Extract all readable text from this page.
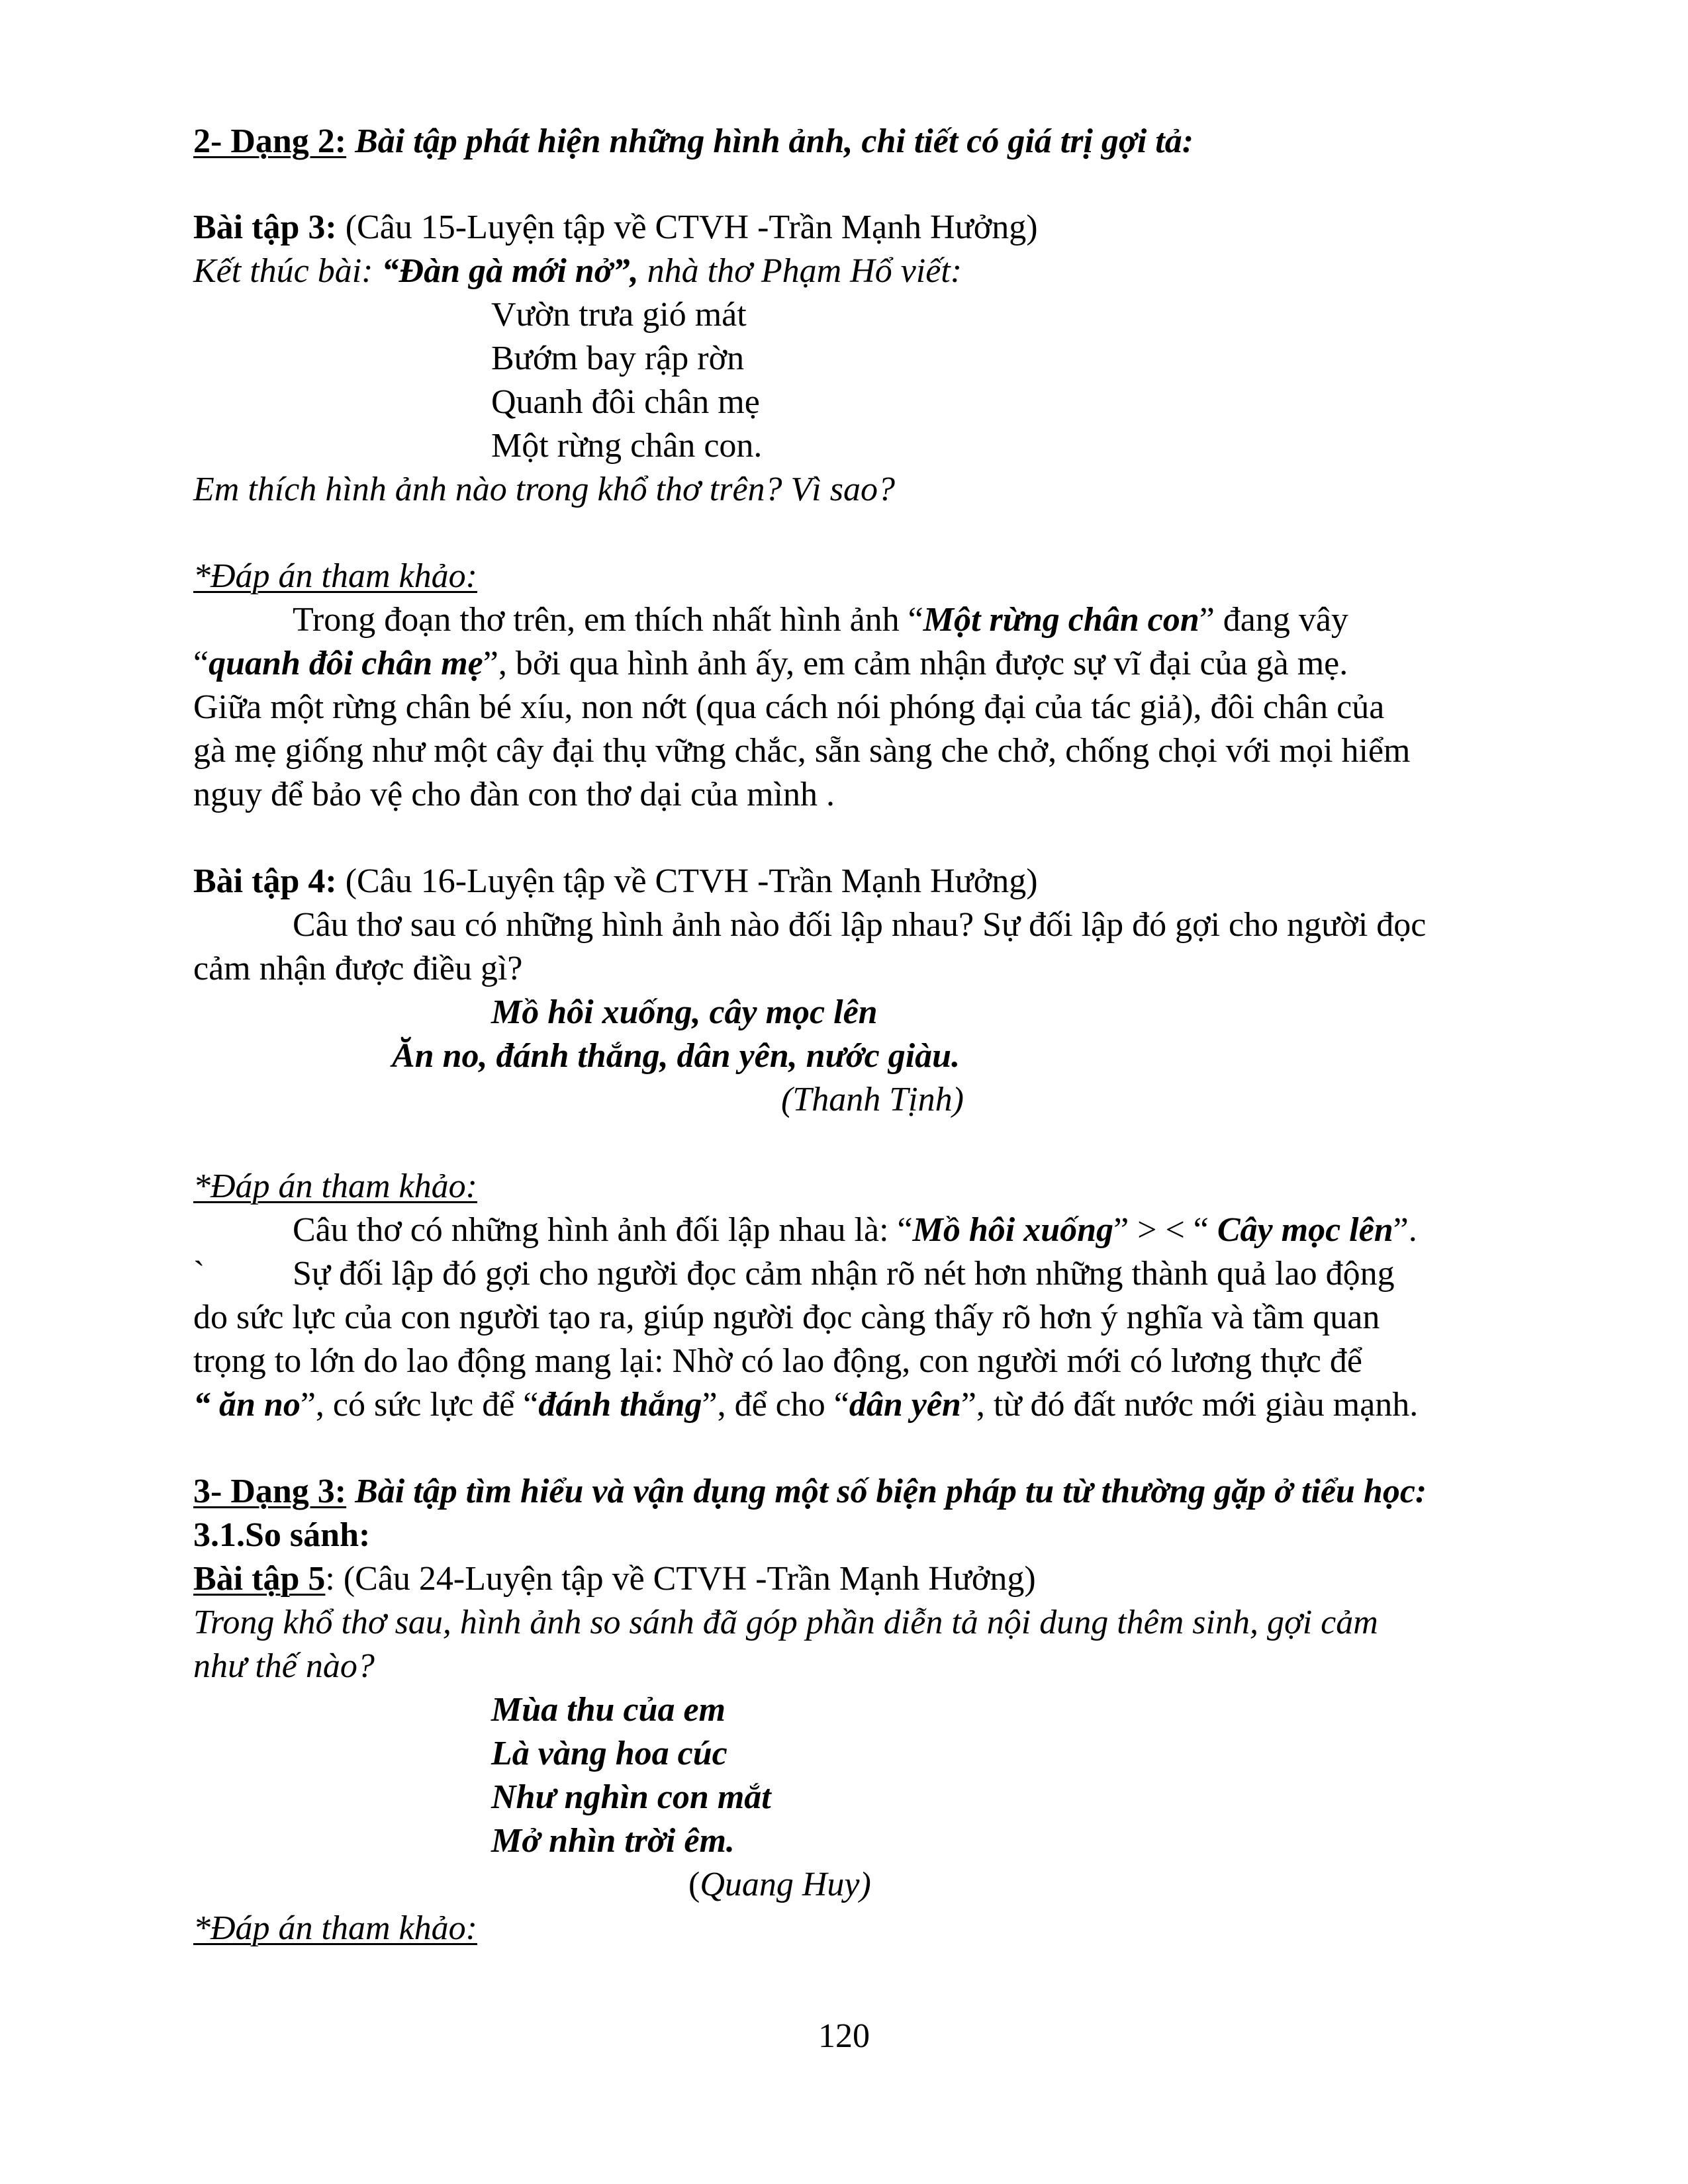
2- Dạng 2: Bài tập phát hiện những hình ảnh, chi tiết có giá trị gợi tả:
Bài tập 3: (Câu 15-Luyện tập về CTVH -Trần Mạnh Hưởng)
Kết thúc bài: “Đàn gà mới nở”, nhà thơ Phạm Hổ viết:
Vườn trưa gió mát
Bướm bay rập rờn
Quanh đôi chân mẹ
Một rừng chân con.
Em thích hình ảnh nào trong khổ thơ trên? Vì sao?
*Đáp án tham khảo:
Trong đoạn thơ trên, em thích nhất hình ảnh “Một rừng chân con” đang vây
“quanh đôi chân mẹ”, bởi qua hình ảnh ấy, em cảm nhận được sự vĩ đại của gà mẹ.
Giữa một rừng chân bé xíu, non nớt (qua cách nói phóng đại của tác giả), đôi chân của
gà mẹ giống như một cây đại thụ vững chắc, sẵn sàng che chở, chống chọi với mọi hiểm
nguy để bảo vệ cho đàn con thơ dại của mình .
Bài tập 4: (Câu 16-Luyện tập về CTVH -Trần Mạnh Hưởng)
Câu thơ sau có những hình ảnh nào đối lập nhau? Sự đối lập đó gợi cho người đọc
cảm nhận được điều gì?
Mồ hôi xuống, cây mọc lên
Ăn no, đánh thắng, dân yên, nước giàu.
(Thanh Tịnh)
*Đáp án tham khảo:
Câu thơ có những hình ảnh đối lập nhau là: “Mồ hôi xuống” > < “ Cây mọc lên”.
`	Sự đối lập đó gợi cho người đọc cảm nhận rõ nét hơn những thành quả lao động
do sức lực của con người tạo ra, giúp người đọc càng thấy rõ hơn ý nghĩa và tầm quan
trọng to lớn do lao động mang lại: Nhờ có lao động, con người mới có lương thực để
“ ăn no”, có sức lực để “đánh thắng”, để cho “dân yên”, từ đó đất nước mới giàu mạnh.
3- Dạng 3: Bài tập tìm hiểu và vận dụng một số biện pháp tu từ thường gặp ở tiểu học:
3.1.So sánh:
Bài tập 5: (Câu 24-Luyện tập về CTVH -Trần Mạnh Hưởng)
Trong khổ thơ sau, hình ảnh so sánh đã góp phần diễn tả nội dung thêm sinh, gợi cảm
như thế nào?
Mùa thu của em
Là vàng hoa cúc
Như nghìn con mắt
Mở nhìn trời êm.
(Quang Huy)
*Đáp án tham khảo:
120
